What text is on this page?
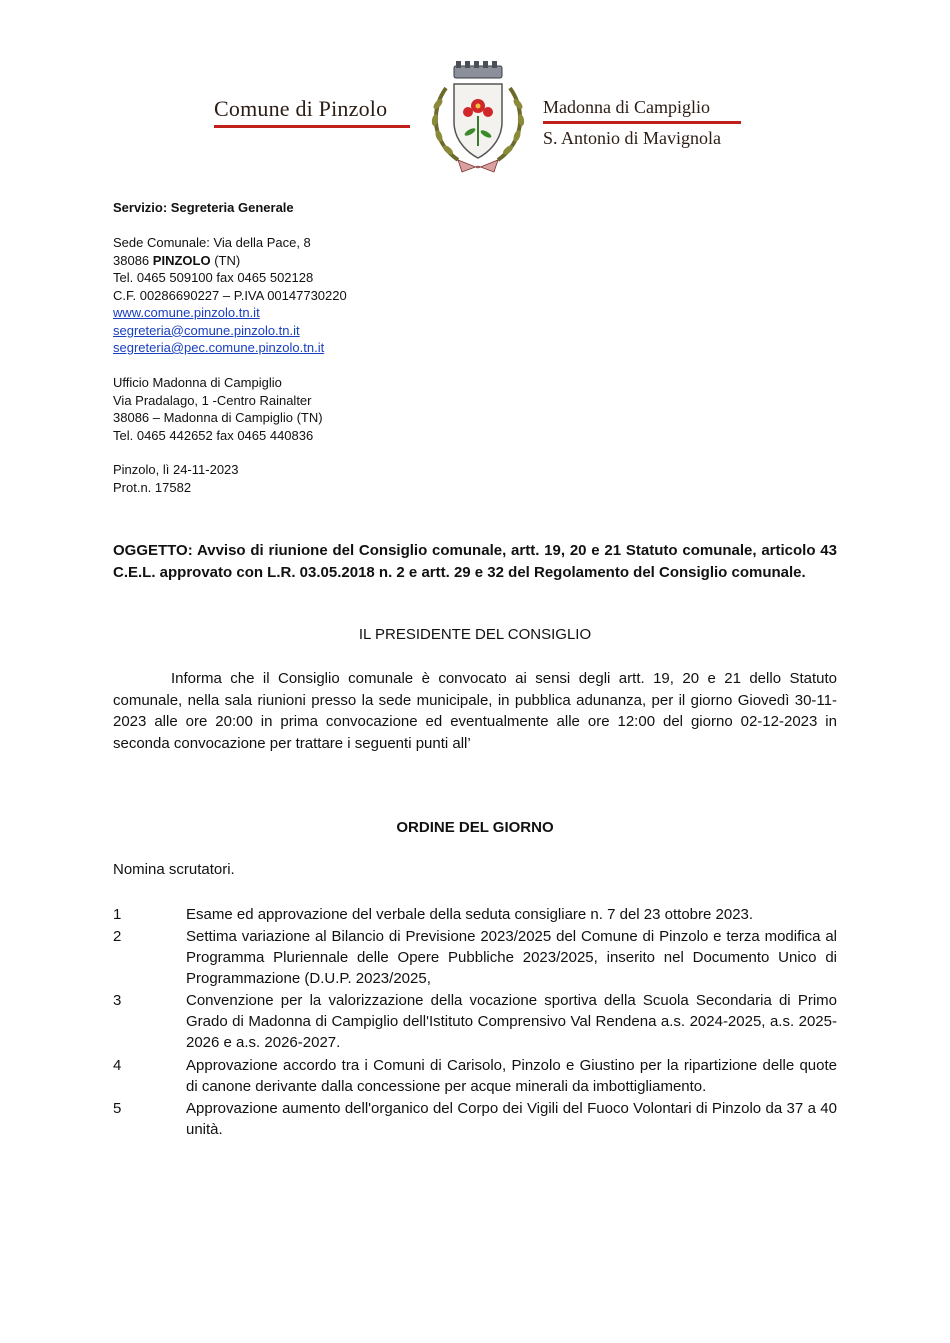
Comune di Pinzolo	Madonna di Campiglio
S. Antonio di Mavignola
Servizio: Segreteria Generale
Sede Comunale: Via della Pace, 8
38086 PINZOLO (TN)
Tel. 0465 509100 fax 0465 502128
C.F. 00286690227 – P.IVA 00147730220
www.comune.pinzolo.tn.it
segreteria@comune.pinzolo.tn.it
segreteria@pec.comune.pinzolo.tn.it
Ufficio Madonna di Campiglio
Via Pradalago, 1 -Centro Rainalter
38086 – Madonna di Campiglio (TN)
Tel. 0465 442652 fax 0465 440836
Pinzolo, lì 24-11-2023
Prot.n. 17582
OGGETTO: Avviso di riunione del Consiglio comunale, artt. 19, 20 e 21 Statuto comunale, articolo 43 C.E.L. approvato con L.R. 03.05.2018 n. 2 e artt. 29 e 32 del Regolamento del Consiglio comunale.
IL PRESIDENTE DEL CONSIGLIO
Informa che il Consiglio comunale è convocato ai sensi degli artt. 19, 20 e 21 dello Statuto comunale, nella sala riunioni presso la sede municipale, in pubblica adunanza, per il giorno Giovedì 30-11-2023 alle ore 20:00 in prima convocazione ed eventualmente alle ore 12:00 del giorno 02-12-2023 in seconda convocazione per trattare i seguenti punti all’
ORDINE DEL GIORNO
Nomina scrutatori.
1	Esame ed approvazione del verbale della seduta consigliare n. 7 del 23 ottobre 2023.
2	Settima variazione al Bilancio di Previsione 2023/2025 del Comune di Pinzolo e terza modifica al Programma Pluriennale delle Opere Pubbliche 2023/2025, inserito nel Documento Unico di Programmazione (D.U.P. 2023/2025,
3	Convenzione per la valorizzazione della vocazione sportiva della Scuola Secondaria di Primo Grado di Madonna di Campiglio dell'Istituto Comprensivo Val Rendena a.s. 2024-2025, a.s. 2025-2026 e a.s. 2026-2027.
4	Approvazione accordo tra i Comuni di Carisolo, Pinzolo e Giustino per la ripartizione delle quote di canone derivante dalla concessione per acque minerali da imbottigliamento.
5	Approvazione aumento dell'organico del Corpo dei Vigili del Fuoco Volontari di Pinzolo da 37 a 40 unità.
